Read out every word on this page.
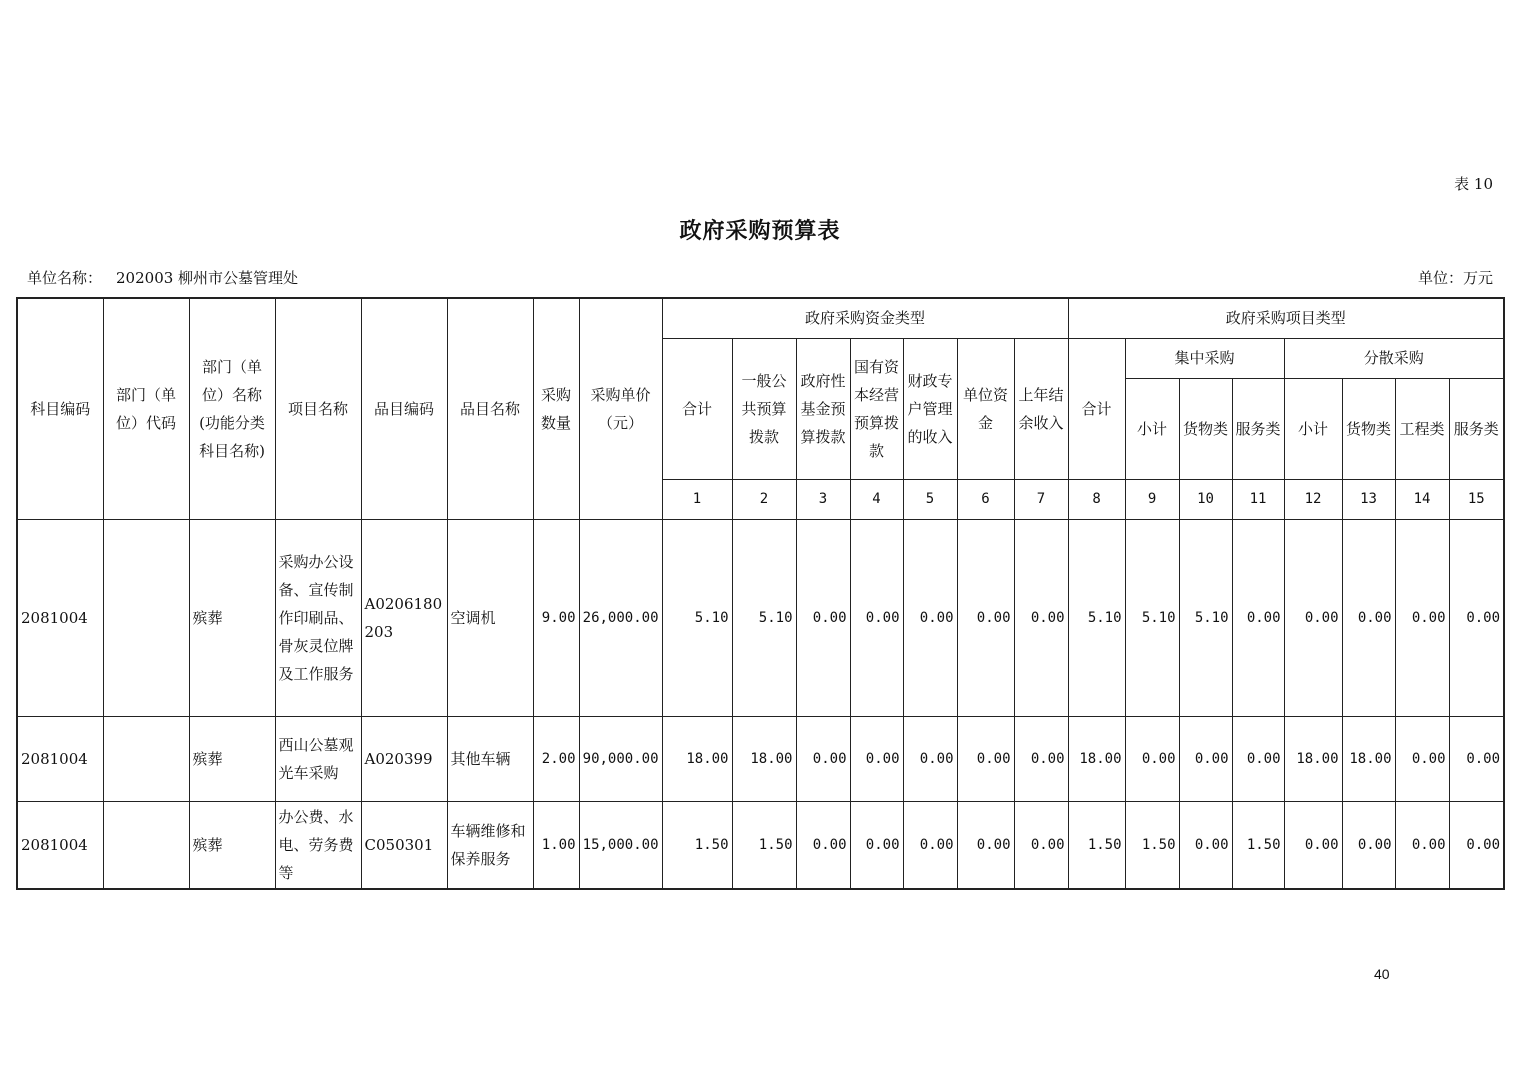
表 10
政府采购预算表
单位名称： 202003 柳州市公墓管理处	单位：万元
科目编码	部门（单位）代码	部门（单位）名称(功能分类科目名称)	项目名称	品目编码	品目名称	采购数量	采购单价（元）	政府采购资金类型							政府采购项目类型							
								合计	一般公共预算拨款	政府性基金预算拨款	国有资本经营预算拨款	财政专户管理的收入	单位资金	上年结余收入	合计	集中采购			分散采购			
																小计	货物类	服务类	小计	货物类	工程类	服务类
								1	2	3	4	5	6	7	8	9	10	11	12	13	14	15
2081004		殡葬	采购办公设备、宣传制作印刷品、骨灰灵位牌及工作服务	A0206180203	空调机	9.00	26,000.00	5.10	5.10	0.00	0.00	0.00	0.00	0.00	5.10	5.10	5.10	0.00	0.00	0.00	0.00	0.00
2081004		殡葬	西山公墓观光车采购	A020399	其他车辆	2.00	90,000.00	18.00	18.00	0.00	0.00	0.00	0.00	0.00	18.00	0.00	0.00	0.00	18.00	18.00	0.00	0.00
2081004		殡葬	办公费、水电、劳务费等	C050301	车辆维修和保养服务	1.00	15,000.00	1.50	1.50	0.00	0.00	0.00	0.00	0.00	1.50	1.50	0.00	1.50	0.00	0.00	0.00	0.00
40
